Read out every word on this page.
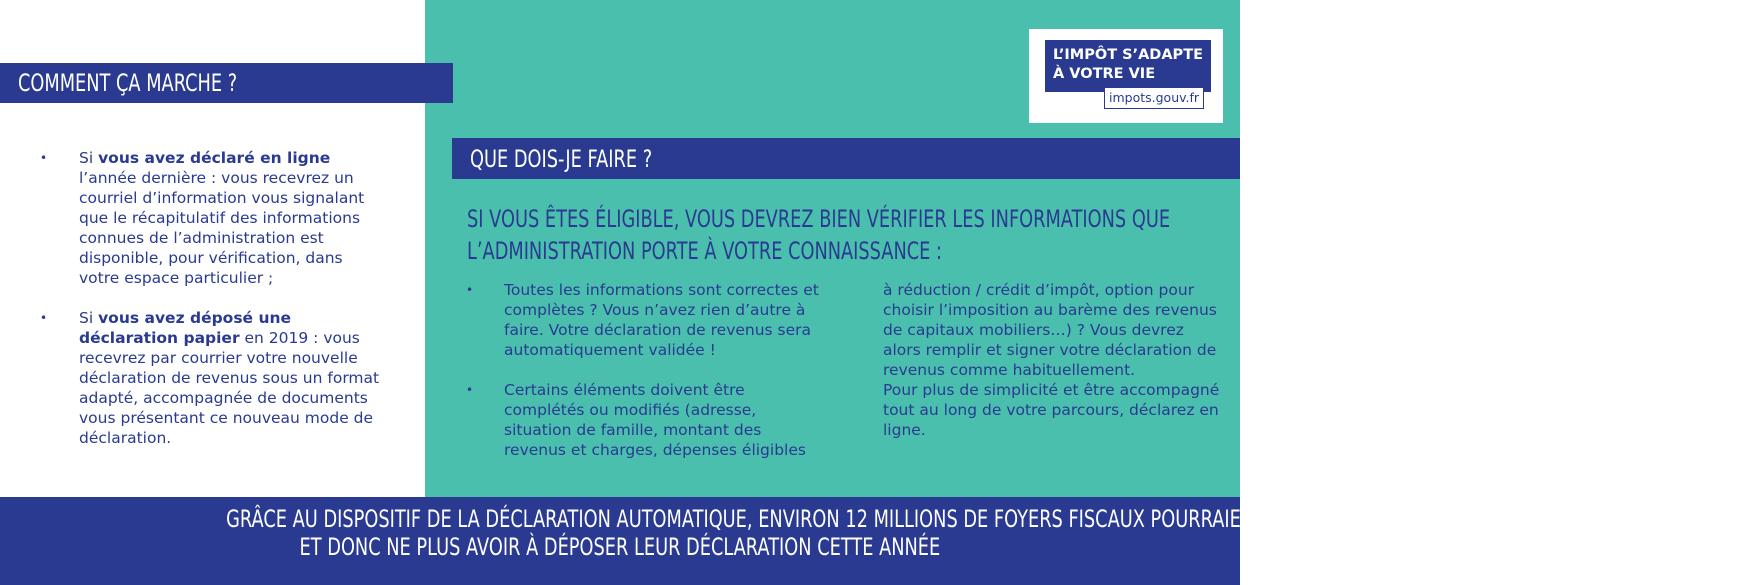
COMMENT ÇA MARCHE ?
• Si vous avez déclaré en ligne l’année dernière : vous recevrez un courriel d’information vous signalant que le récapitulatif des informations connues de l’administration est disponible, pour vérification, dans votre espace particulier ;
• Si vous avez déposé une déclaration papier en 2019 : vous recevrez par courrier votre nouvelle déclaration de revenus sous un format adapté, accompagnée de documents vous présentant ce nouveau mode de déclaration.
L’IMPÔT S’ADAPTE
À VOTRE VIE
impots.gouv.fr
QUE DOIS-JE FAIRE ?
SI VOUS ÊTES ÉLIGIBLE, VOUS DEVREZ BIEN VÉRIFIER LES INFORMATIONS QUE
L’ADMINISTRATION PORTE À VOTRE CONNAISSANCE :
• Toutes les informations sont correctes et complètes ? Vous n’avez rien d’autre à faire. Votre déclaration de revenus sera automatiquement validée !
• Certains éléments doivent être complétés ou modifiés (adresse, situation de famille, montant des revenus et charges, dépenses éligibles
à réduction / crédit d’impôt, option pour choisir l’imposition au barème des revenus de capitaux mobiliers…) ? Vous devrez alors remplir et signer votre déclaration de revenus comme habituellement.
Pour plus de simplicité et être accompagné tout au long de votre parcours, déclarez en ligne.
GRÂCE AU DISPOSITIF DE LA DÉCLARATION AUTOMATIQUE, ENVIRON 12 MILLIONS DE FOYERS FISCAUX POURRAIENT NE RIEN AVOIR À MODIFIER
ET DONC NE PLUS AVOIR À DÉPOSER LEUR DÉCLARATION CETTE ANNÉE
